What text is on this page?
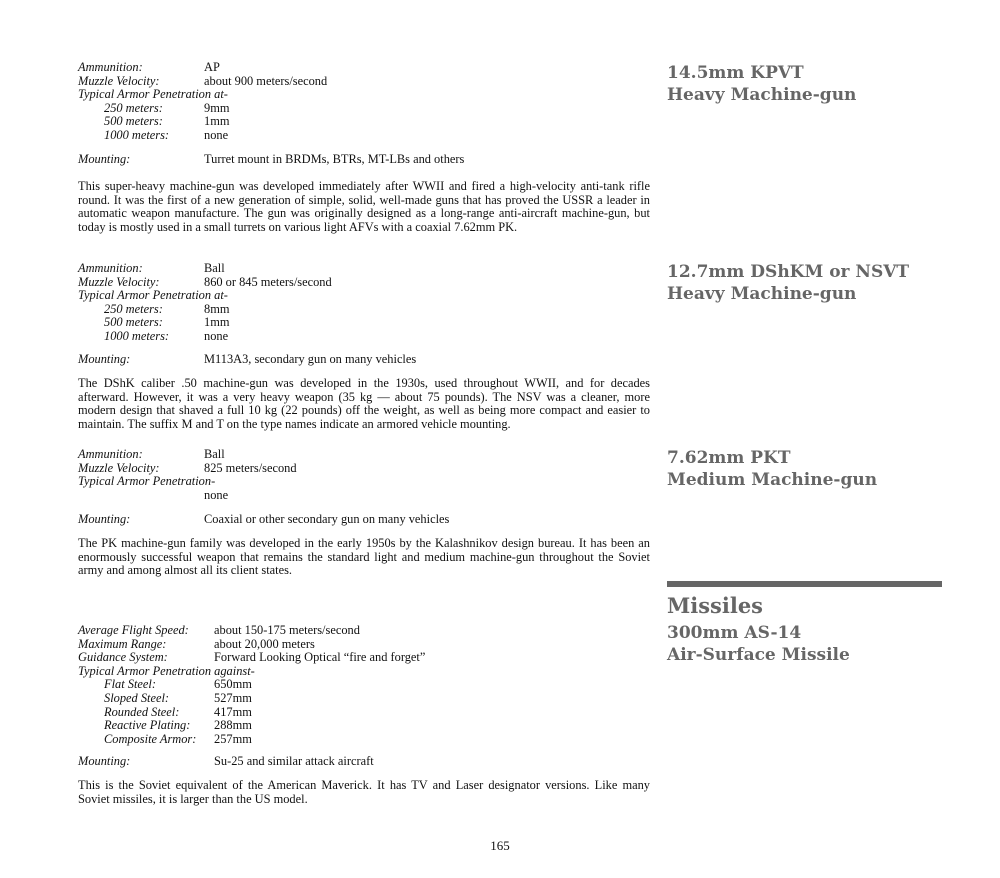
Ammunition:	AP
Muzzle Velocity:	about 900 meters/second
Typical Armor Penetration at-
250 meters:	9mm
500 meters:	1mm
1000 meters:	none
Mounting:	Turret mount in BRDMs, BTRs, MT-LBs and others

This super-heavy machine-gun was developed immediately after WWII and fired a high-velocity anti-tank rifle round. It was the first of a new generation of simple, solid, well-made guns that has proved the USSR a leader in automatic weapon manufacture. The gun was originally designed as a long-range anti-aircraft machine-gun, but today is mostly used in a small turrets on various light AFVs with a coaxial 7.62mm PK.

14.5mm KPVT
Heavy Machine-gun
Ammunition:	Ball
Muzzle Velocity:	860 or 845 meters/second
Typical Armor Penetration at-
250 meters:	8mm
500 meters:	1mm
1000 meters:	none
Mounting:	M113A3, secondary gun on many vehicles

The DShK caliber .50 machine-gun was developed in the 1930s, used throughout WWII, and for decades afterward. However, it was a very heavy weapon (35 kg — about 75 pounds). The NSV was a cleaner, more modern design that shaved a full 10 kg (22 pounds) off the weight, as well as being more compact and easier to maintain. The suffix M and T on the type names indicate an armored vehicle mounting.

12.7mm DShKM or NSVT
Heavy Machine-gun
Ammunition:	Ball
Muzzle Velocity:	825 meters/second
Typical Armor Penetration-
none
Mounting:	Coaxial or other secondary gun on many vehicles

The PK machine-gun family was developed in the early 1950s by the Kalashnikov design bureau. It has been an enormously successful weapon that remains the standard light and medium machine-gun throughout the Soviet army and among almost all its client states.

7.62mm PKT
Medium Machine-gun
Missiles
Average Flight Speed: about 150-175 meters/second
Maximum Range:	about 20,000 meters
Guidance System:	Forward Looking Optical “fire and forget”
Typical Armor Penetration against-
Flat Steel:	650mm
Sloped Steel:	527mm
Rounded Steel:	417mm
Reactive Plating: 288mm
Composite Armor: 257mm
Mounting:	Su-25 and similar attack aircraft

This is the Soviet equivalent of the American Maverick. It has TV and Laser designator versions. Like many Soviet missiles, it is larger than the US model.

300mm AS-14
Air-Surface Missile
165
